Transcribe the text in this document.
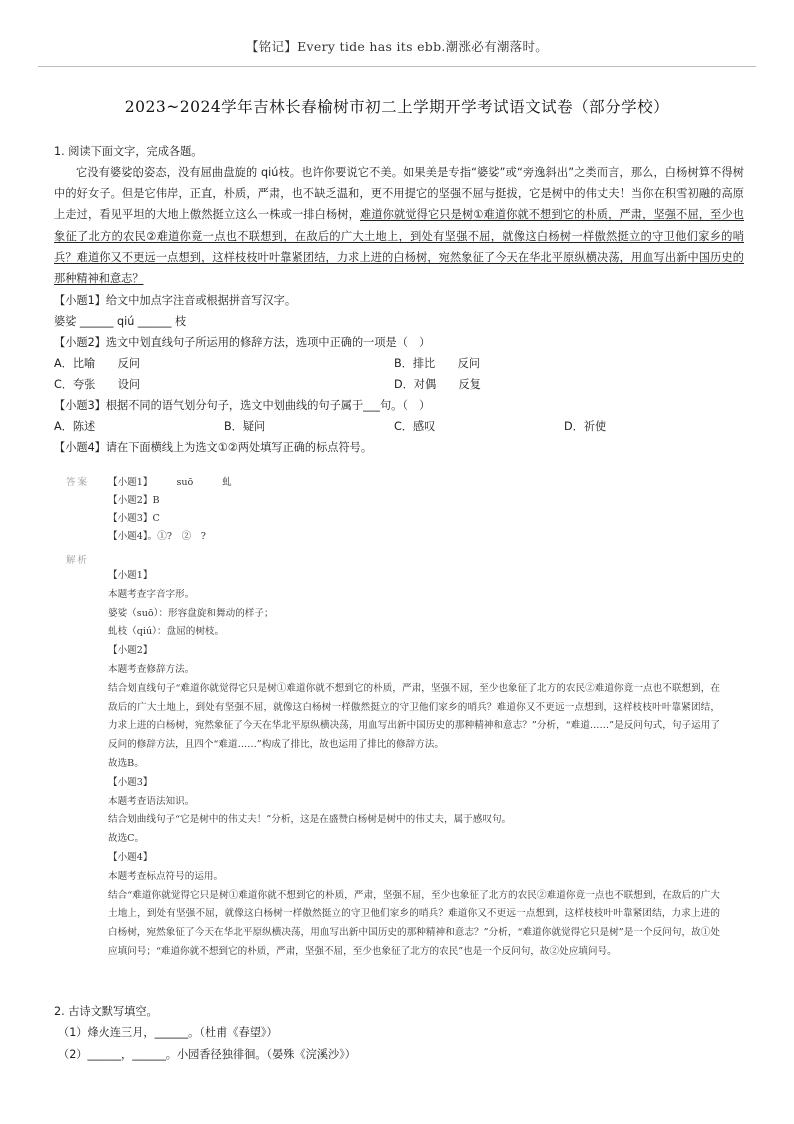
【铭记】Every tide has its ebb.潮涨必有潮落时。
2023~2024学年吉林长春榆树市初二上学期开学考试语文试卷（部分学校）
1. 阅读下面文字，完成各题。
它没有婆娑的姿态，没有屈曲盘旋的 qiú枝。也许你要说它不美。如果美是专指“婆娑”或“旁逸斜出”之类而言，那么，白杨树算不得树中的好女子。但是它伟岸，正直，朴质，严肃，也不缺乏温和，更不用提它的坚强不屈与挺拔，它是树中的伟丈夫！当你在积雪初融的高原上走过，看见平坦的大地上傲然挺立这么一株或一排白杨树，难道你就觉得它只是树①难道你就不想到它的朴质，严肃，坚强不屈，至少也象征了北方的农民②难道你竟一点也不联想到，在敌后的广大土地上，到处有坚强不屈，就像这白杨树一样傲然挺立的守卫他们家乡的哨兵？难道你又不更远一点想到，这样枝枝叶叶靠紧团结，力求上进的白杨树，宛然象征了今天在华北平原纵横决荡，用血写出新中国历史的那种精神和意志？
【小题1】给文中加点字注音或根据拼音写汉字。
婆娑 ______ qiú ______ 枝
【小题2】选文中划直线句子所运用的修辞方法，选项中正确的一项是（　）
A．比喻　　反问	B．排比　　反问
C．夸张　　设问	D．对偶　　反复
【小题3】根据不同的语气划分句子，选文中划曲线的句子属于___句。（　）
A．陈述	B．疑问	C．感叹	D．祈使
【小题4】请在下面横线上为选文①②两处填写正确的标点符号。
答案 【小题1】　　　suō　　　虬
【小题2】B
【小题3】C
【小题4】。①?　②　?
解析
【小题1】
本题考查字音字形。
婆娑（suō）：形容盘旋和舞动的样子；
虬枝（qiú）：盘屈的树枝。
【小题2】
本题考查修辞方法。
结合划直线句子“难道你就觉得它只是树①难道你就不想到它的朴质，严肃，坚强不屈，至少也象征了北方的农民②难道你竟一点也不联想到，在敌后的广大土地上，到处有坚强不屈，就像这白杨树一样傲然挺立的守卫他们家乡的哨兵？难道你又不更远一点想到，这样枝枝叶叶靠紧团结，力求上进的白杨树，宛然象征了今天在华北平原纵横决荡，用血写出新中国历史的那种精神和意志？”分析，“难道……”是反问句式，句子运用了反问的修辞方法，且四个“难道……”构成了排比，故也运用了排比的修辞方法。
故选B。
【小题3】
本题考查语法知识。
结合划曲线句子“它是树中的伟丈夫！”分析，这是在盛赞白杨树是树中的伟丈夫，属于感叹句。
故选C。
【小题4】
本题考查标点符号的运用。
结合“难道你就觉得它只是树①难道你就不想到它的朴质，严肃，坚强不屈，至少也象征了北方的农民②难道你竟一点也不联想到，在敌后的广大土地上，到处有坚强不屈，就像这白杨树一样傲然挺立的守卫他们家乡的哨兵？难道你又不更远一点想到，这样枝枝叶叶靠紧团结，力求上进的白杨树，宛然象征了今天在华北平原纵横决荡，用血写出新中国历史的那种精神和意志？”分析，“难道你就觉得它只是树”是一个反问句，故①处应填问号；“难道你就不想到它的朴质，严肃，坚强不屈，至少也象征了北方的农民”也是一个反问句，故②处应填问号。
2. 古诗文默写填空。
（1）烽火连三月，______。（杜甫《春望》）
（2）______，______。小园香径独徘徊。（晏殊《浣溪沙》）
